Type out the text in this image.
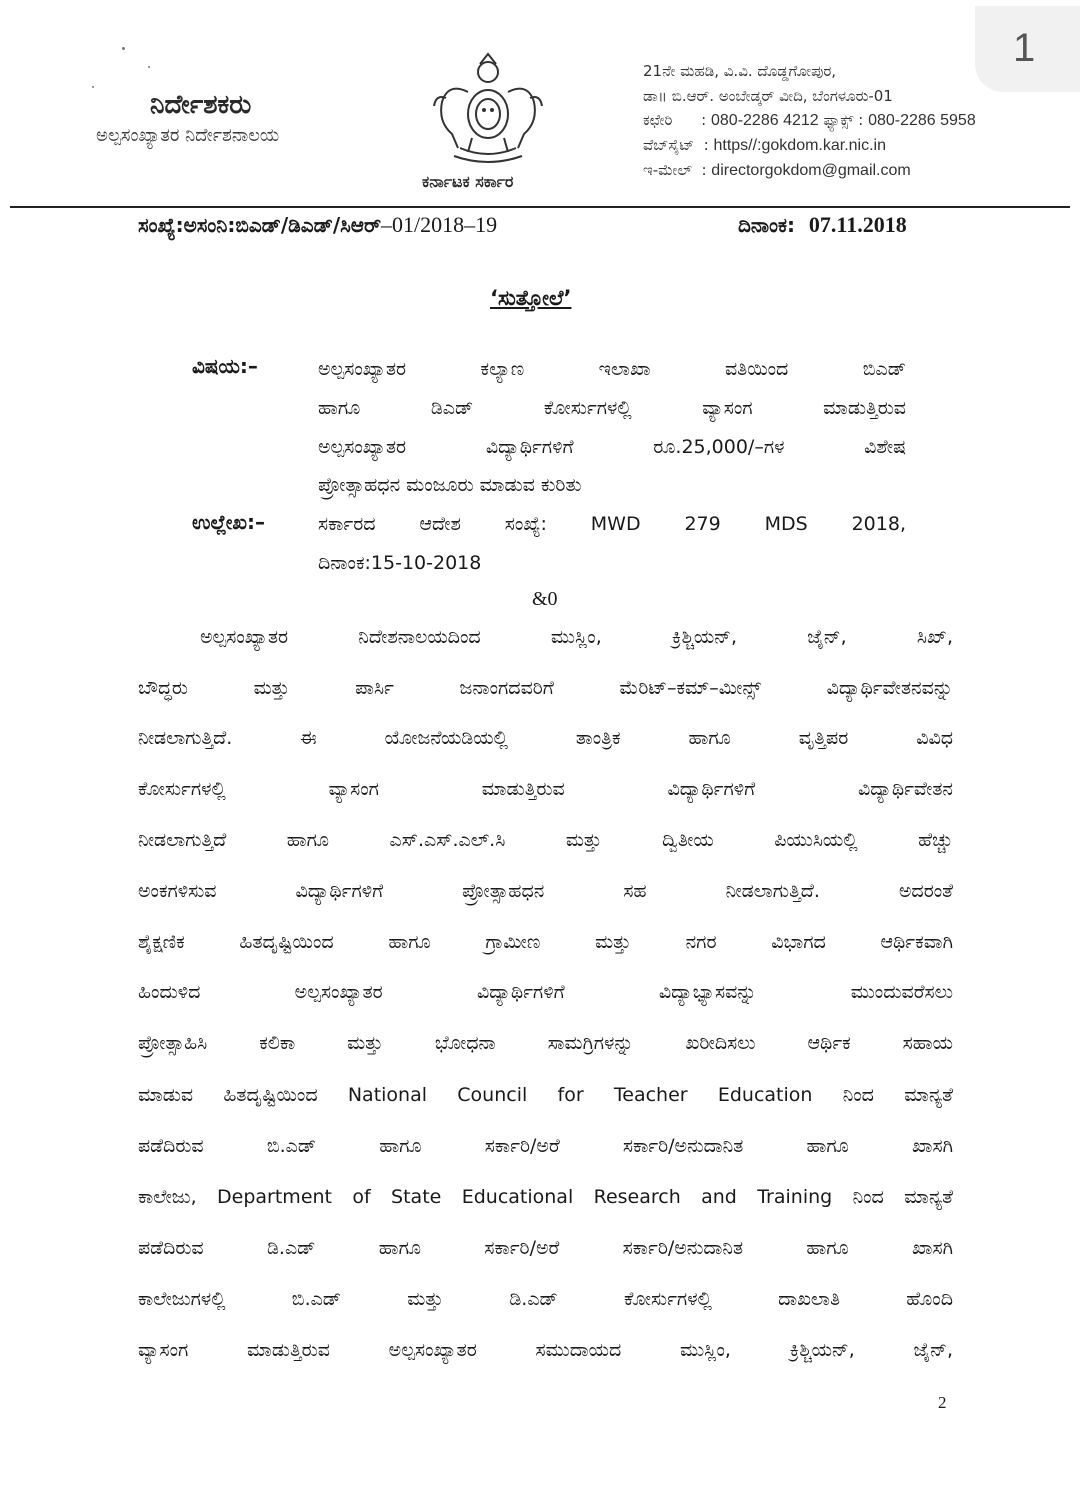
1
ನಿರ್ದೇಶಕರು
ಅಲ್ಪಸಂಖ್ಯಾತರ ನಿರ್ದೇಶನಾಲಯ
ಕರ್ನಾಟಕ ಸರ್ಕಾರ
21ನೇ ಮಹಡಿ, ವಿ.ವಿ. ದೊಡ್ಡಗೋಪುರ,
ಡಾ॥ ಬಿ.ಆರ್. ಅಂಬೇಡ್ಕರ್ ವೀದಿ, ಬೆಂಗಳೂರು-01
ಕಛೇರಿ : 080-2286 4212 ಫ್ಯಾಕ್ಸ್ : 080-2286 5958
ವೆಬ್‌ಸೈಟ್  : https//:gokdom.kar.nic.in
ಇ-ಮೇಲ್  : directorgokdom@gmail.com
ಸಂಖ್ಯೆ:ಅಸಂನಿ:ಬಿಎಡ್/ಡಿಎಡ್/ಸಿಆರ್–01/2018–19	ದಿನಾಂಕ: 07.11.2018
‘ಸುತ್ತೋಲೆ’
ವಿಷಯ:–	ಅಲ್ಪಸಂಖ್ಯಾತರ ಕಲ್ಯಾಣ ಇಲಾಖಾ ವತಿಯಿಂದ ಬಿಎಡ್
ಹಾಗೂ ಡಿಎಡ್ ಕೋರ್ಸುಗಳಲ್ಲಿ ವ್ಯಾಸಂಗ ಮಾಡುತ್ತಿರುವ
ಅಲ್ಪಸಂಖ್ಯಾತರ ವಿದ್ಯಾರ್ಥಿಗಳಿಗೆ ರೂ.25,000/–ಗಳ ವಿಶೇಷ
ಪ್ರೋತ್ಸಾಹಧನ ಮಂಜೂರು ಮಾಡುವ ಕುರಿತು
ಉಲ್ಲೇಖ:–	ಸರ್ಕಾರದ ಆದೇಶ ಸಂಖ್ಯೆ: MWD 279 MDS 2018,
ದಿನಾಂಕ:15-10-2018
&0
ಅಲ್ಪಸಂಖ್ಯಾತರ ನಿದೇಶನಾಲಯದಿಂದ ಮುಸ್ಲಿಂ, ಕ್ರಿಶ್ಚಿಯನ್, ಜೈನ್, ಸಿಖ್,
ಬೌದ್ಧರು ಮತ್ತು ಪಾರ್ಸಿ ಜನಾಂಗದವರಿಗೆ ಮೆರಿಟ್–ಕಮ್–ಮೀನ್ಸ್ ವಿದ್ಯಾರ್ಥಿವೇತನವನ್ನು
ನೀಡಲಾಗುತ್ತಿದೆ. ಈ ಯೋಜನೆಯಡಿಯಲ್ಲಿ ತಾಂತ್ರಿಕ ಹಾಗೂ ವೃತ್ತಿಪರ ವಿವಿಧ
ಕೋರ್ಸುಗಳಲ್ಲಿ ವ್ಯಾಸಂಗ ಮಾಡುತ್ತಿರುವ ವಿದ್ಯಾರ್ಥಿಗಳಿಗೆ ವಿದ್ಯಾರ್ಥಿವೇತನ
ನೀಡಲಾಗುತ್ತಿದೆ ಹಾಗೂ ಎಸ್.ಎಸ್.ಎಲ್.ಸಿ ಮತ್ತು ದ್ವಿತೀಯ ಪಿಯುಸಿಯಲ್ಲಿ ಹೆಚ್ಚು
ಅಂಕಗಳಿಸುವ ವಿದ್ಯಾರ್ಥಿಗಳಿಗೆ ಪ್ರೋತ್ಸಾಹಧನ ಸಹ ನೀಡಲಾಗುತ್ತಿದೆ. ಅದರಂತೆ
ಶೈಕ್ಷಣಿಕ ಹಿತದೃಷ್ಟಿಯಿಂದ ಹಾಗೂ ಗ್ರಾಮೀಣ ಮತ್ತು ನಗರ ವಿಭಾಗದ ಆರ್ಥಿಕವಾಗಿ
ಹಿಂದುಳಿದ ಅಲ್ಪಸಂಖ್ಯಾತರ ವಿದ್ಯಾರ್ಥಿಗಳಿಗೆ ವಿದ್ಯಾಭ್ಯಾಸವನ್ನು ಮುಂದುವರೆಸಲು
ಪ್ರೋತ್ಸಾಹಿಸಿ ಕಲಿಕಾ ಮತ್ತು ಭೋಧನಾ ಸಾಮಗ್ರಿಗಳನ್ನು ಖರೀದಿಸಲು ಆರ್ಥಿಕ ಸಹಾಯ
ಮಾಡುವ ಹಿತದೃಷ್ಟಿಯಿಂದ National Council for Teacher Education ನಿಂದ ಮಾನ್ಯತೆ
ಪಡೆದಿರುವ ಬಿ.ಎಡ್ ಹಾಗೂ ಸರ್ಕಾರಿ/ಅರೆ ಸರ್ಕಾರಿ/ಅನುದಾನಿತ ಹಾಗೂ ಖಾಸಗಿ
ಕಾಲೇಜು, Department of State Educational Research and Training ನಿಂದ ಮಾನ್ಯತೆ
ಪಡೆದಿರುವ ಡಿ.ಎಡ್ ಹಾಗೂ ಸರ್ಕಾರಿ/ಅರೆ ಸರ್ಕಾರಿ/ಅನುದಾನಿತ ಹಾಗೂ ಖಾಸಗಿ
ಕಾಲೇಜುಗಳಲ್ಲಿ ಬಿ.ಎಡ್ ಮತ್ತು ಡಿ.ಎಡ್ ಕೋರ್ಸುಗಳಲ್ಲಿ ದಾಖಲಾತಿ ಹೊಂದಿ
ವ್ಯಾಸಂಗ ಮಾಡುತ್ತಿರುವ ಅಲ್ಪಸಂಖ್ಯಾತರ ಸಮುದಾಯದ ಮುಸ್ಲಿಂ, ಕ್ರಿಶ್ಚಿಯನ್, ಜೈನ್,
2
